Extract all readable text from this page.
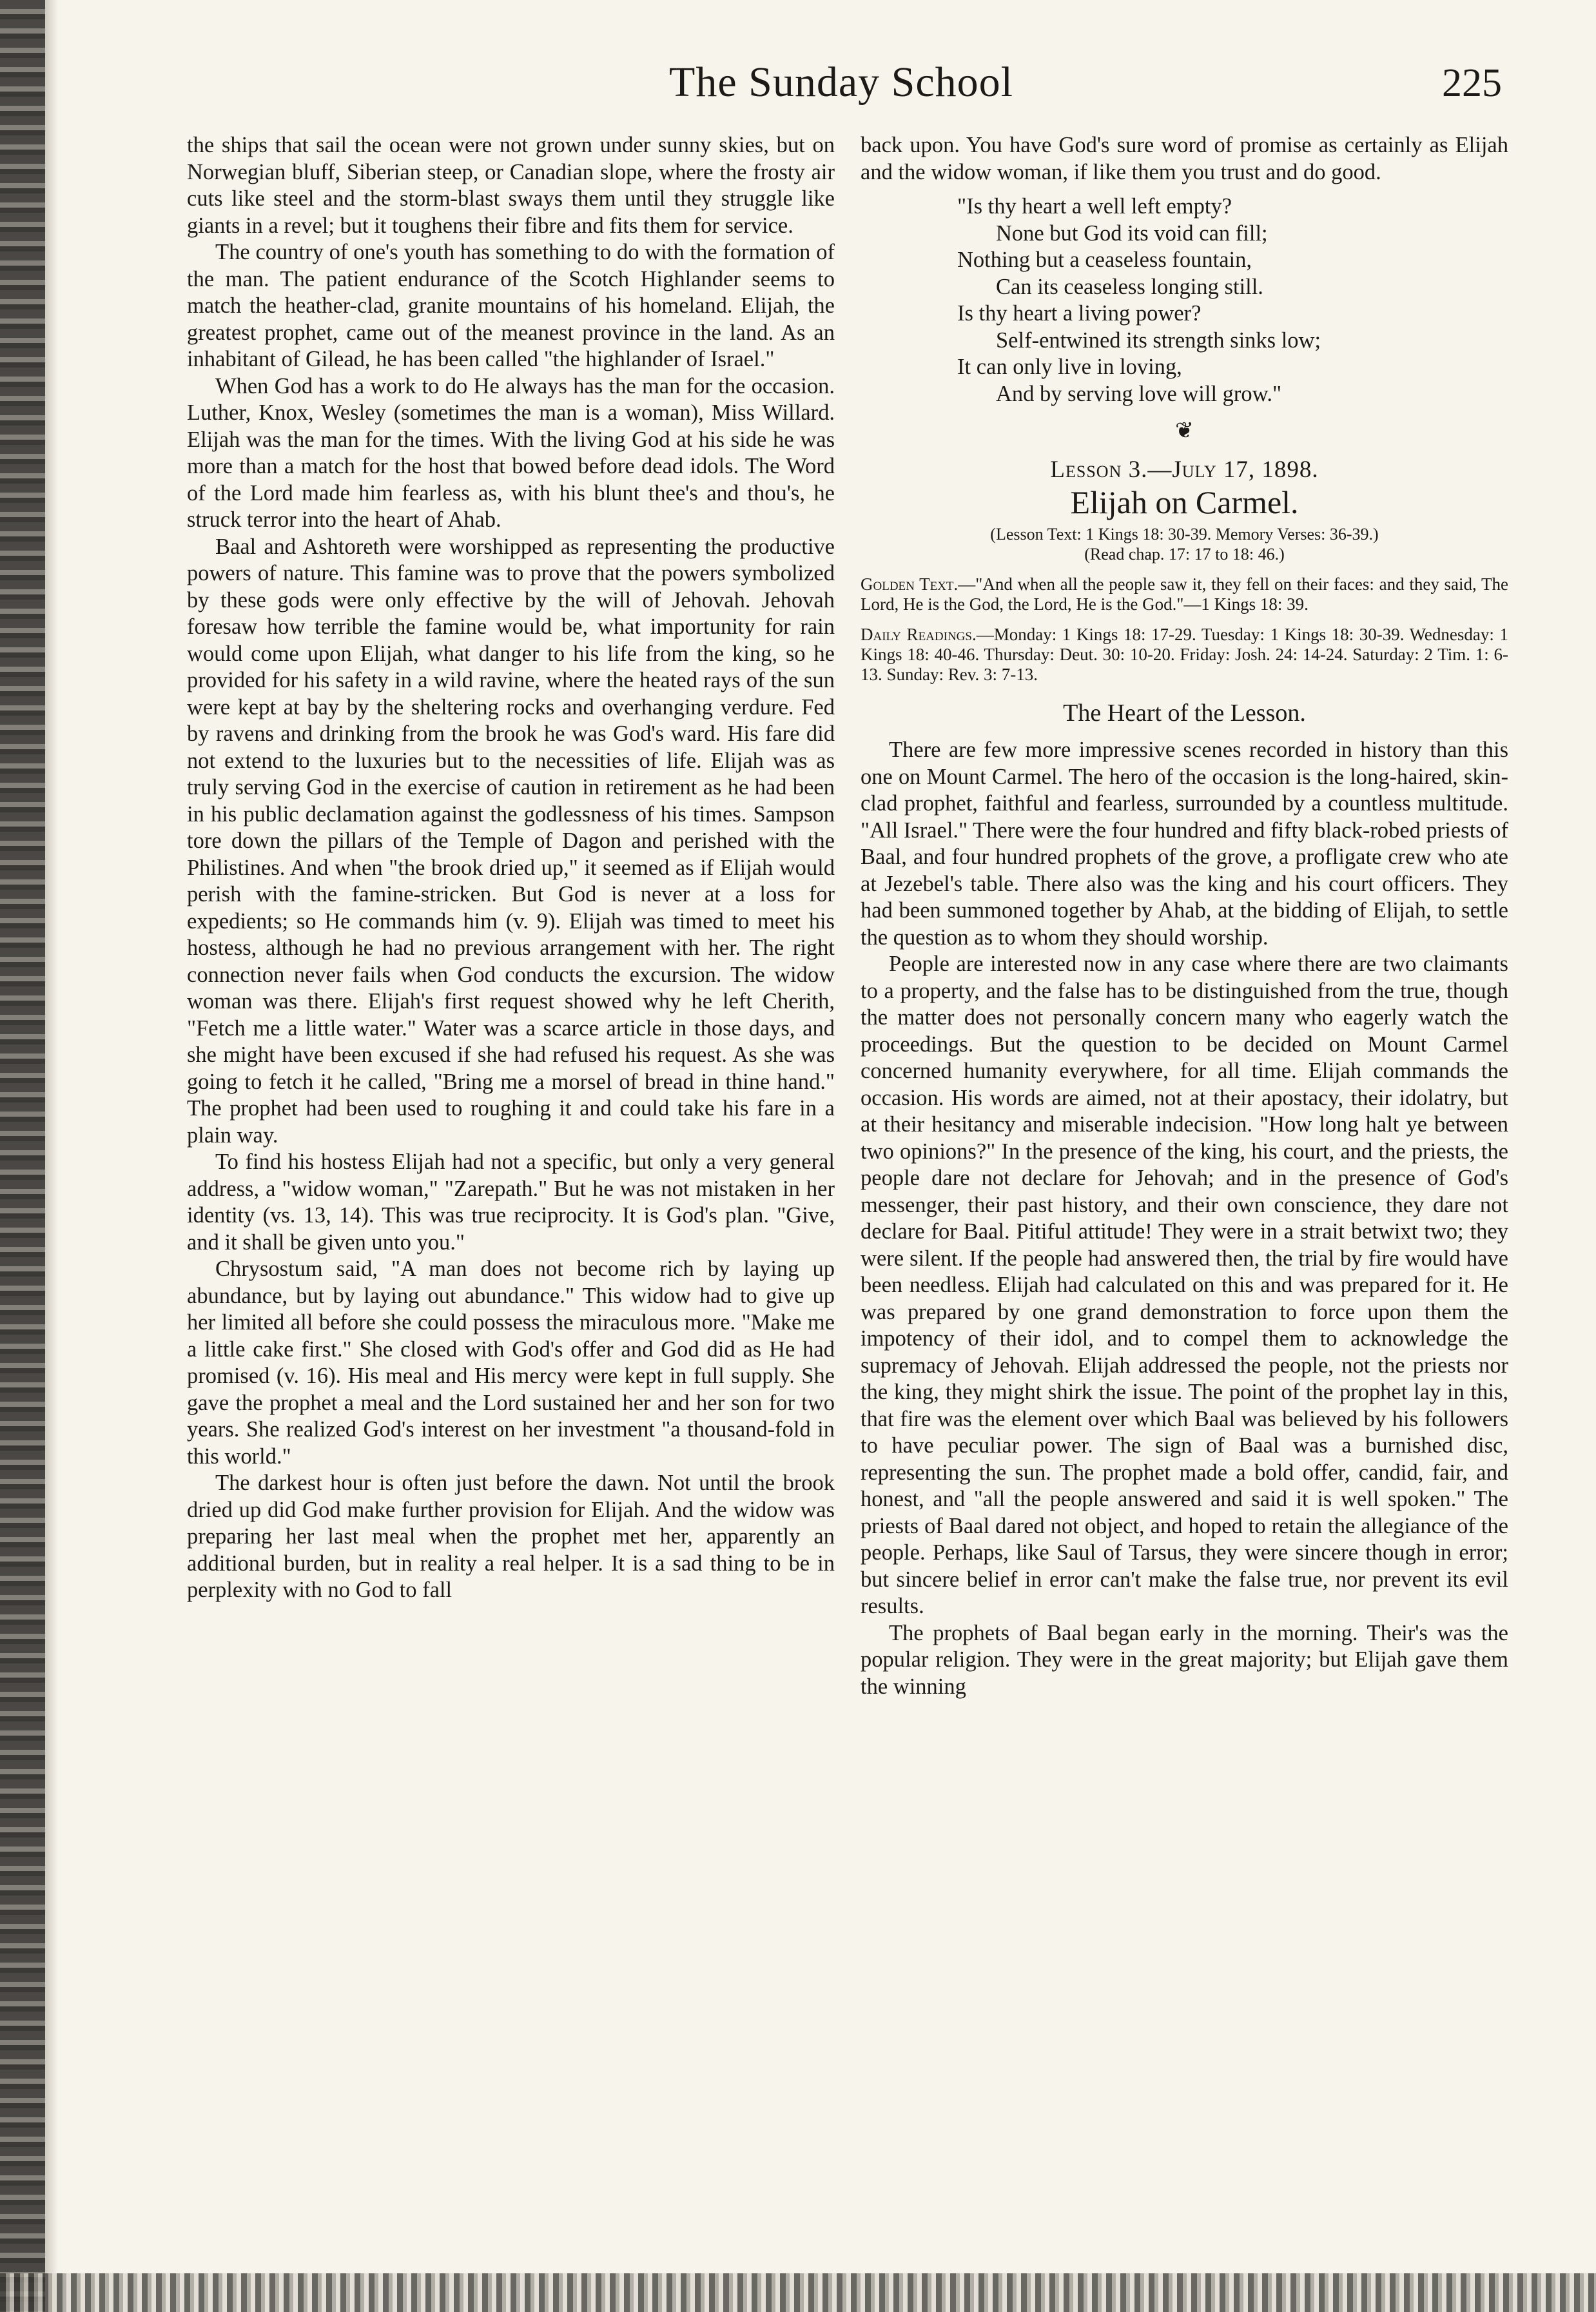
The Sunday School	225

the ships that sail the ocean were not grown under sunny skies, but on Norwegian bluff, Siberian steep, or Canadian slope, where the frosty air cuts like steel and the storm-blast sways them until they struggle like giants in a revel; but it toughens their fibre and fits them for service.

The country of one's youth has something to do with the formation of the man. The patient endurance of the Scotch Highlander seems to match the heather-clad, granite mountains of his homeland. Elijah, the greatest prophet, came out of the meanest province in the land. As an inhabitant of Gilead, he has been called "the highlander of Israel."

When God has a work to do He always has the man for the occasion. Luther, Knox, Wesley (sometimes the man is a woman), Miss Willard. Elijah was the man for the times. With the living God at his side he was more than a match for the host that bowed before dead idols. The Word of the Lord made him fearless as, with his blunt thee's and thou's, he struck terror into the heart of Ahab.

Baal and Ashtoreth were worshipped as representing the productive powers of nature. This famine was to prove that the powers symbolized by these gods were only effective by the will of Jehovah. Jehovah foresaw how terrible the famine would be, what importunity for rain would come upon Elijah, what danger to his life from the king, so he provided for his safety in a wild ravine, where the heated rays of the sun were kept at bay by the sheltering rocks and overhanging verdure. Fed by ravens and drinking from the brook he was God's ward. His fare did not extend to the luxuries but to the necessities of life. Elijah was as truly serving God in the exercise of caution in retirement as he had been in his public declamation against the godlessness of his times. Sampson tore down the pillars of the Temple of Dagon and perished with the Philistines. And when "the brook dried up," it seemed as if Elijah would perish with the famine-stricken. But God is never at a loss for expedients; so He commands him (v. 9). Elijah was timed to meet his hostess, although he had no previous arrangement with her. The right connection never fails when God conducts the excursion. The widow woman was there. Elijah's first request showed why he left Cherith, "Fetch me a little water." Water was a scarce article in those days, and she might have been excused if she had refused his request. As she was going to fetch it he called, "Bring me a morsel of bread in thine hand." The prophet had been used to roughing it and could take his fare in a plain way.

To find his hostess Elijah had not a specific, but only a very general address, a "widow woman," "Zarepath." But he was not mistaken in her identity (vs. 13, 14). This was true reciprocity. It is God's plan. "Give, and it shall be given unto you."

Chrysostum said, "A man does not become rich by laying up abundance, but by laying out abundance." This widow had to give up her limited all before she could possess the miraculous more. "Make me a little cake first." She closed with God's offer and God did as He had promised (v. 16). His meal and His mercy were kept in full supply. She gave the prophet a meal and the Lord sustained her and her son for two years. She realized God's interest on her investment "a thousand-fold in this world."

The darkest hour is often just before the dawn. Not until the brook dried up did God make further provision for Elijah. And the widow was preparing her last meal when the prophet met her, apparently an additional burden, but in reality a real helper. It is a sad thing to be in perplexity with no God to fall

back upon. You have God's sure word of promise as certainly as Elijah and the widow woman, if like them you trust and do good.

"Is thy heart a well left empty?
None but God its void can fill;
Nothing but a ceaseless fountain,
Can its ceaseless longing still.
Is thy heart a living power?
Self-entwined its strength sinks low;
It can only live in loving,
And by serving love will grow."
❦
Lesson 3.—July 17, 1898.
Elijah on Carmel.
(Lesson Text: 1 Kings 18: 30-39. Memory Verses: 36-39.)
(Read chap. 17: 17 to 18: 46.)
Golden Text.—"And when all the people saw it, they fell on their faces: and they said, The Lord, He is the God, the Lord, He is the God."—1 Kings 18: 39.
Daily Readings.—Monday: 1 Kings 18: 17-29. Tuesday: 1 Kings 18: 30-39. Wednesday: 1 Kings 18: 40-46. Thursday: Deut. 30: 10-20. Friday: Josh. 24: 14-24. Saturday: 2 Tim. 1: 6-13. Sunday: Rev. 3: 7-13.
The Heart of the Lesson.

There are few more impressive scenes recorded in history than this one on Mount Carmel. The hero of the occasion is the long-haired, skin-clad prophet, faithful and fearless, surrounded by a countless multitude. "All Israel." There were the four hundred and fifty black-robed priests of Baal, and four hundred prophets of the grove, a profligate crew who ate at Jezebel's table. There also was the king and his court officers. They had been summoned together by Ahab, at the bidding of Elijah, to settle the question as to whom they should worship.

People are interested now in any case where there are two claimants to a property, and the false has to be distinguished from the true, though the matter does not personally concern many who eagerly watch the proceedings. But the question to be decided on Mount Carmel concerned humanity everywhere, for all time. Elijah commands the occasion. His words are aimed, not at their apostacy, their idolatry, but at their hesitancy and miserable indecision. "How long halt ye between two opinions?" In the presence of the king, his court, and the priests, the people dare not declare for Jehovah; and in the presence of God's messenger, their past history, and their own conscience, they dare not declare for Baal. Pitiful attitude! They were in a strait betwixt two; they were silent. If the people had answered then, the trial by fire would have been needless. Elijah had calculated on this and was prepared for it. He was prepared by one grand demonstration to force upon them the impotency of their idol, and to compel them to acknowledge the supremacy of Jehovah. Elijah addressed the people, not the priests nor the king, they might shirk the issue. The point of the prophet lay in this, that fire was the element over which Baal was believed by his followers to have peculiar power. The sign of Baal was a burnished disc, representing the sun. The prophet made a bold offer, candid, fair, and honest, and "all the people answered and said it is well spoken." The priests of Baal dared not object, and hoped to retain the allegiance of the people. Perhaps, like Saul of Tarsus, they were sincere though in error; but sincere belief in error can't make the false true, nor prevent its evil results.

The prophets of Baal began early in the morning. Their's was the popular religion. They were in the great majority; but Elijah gave them the winning
